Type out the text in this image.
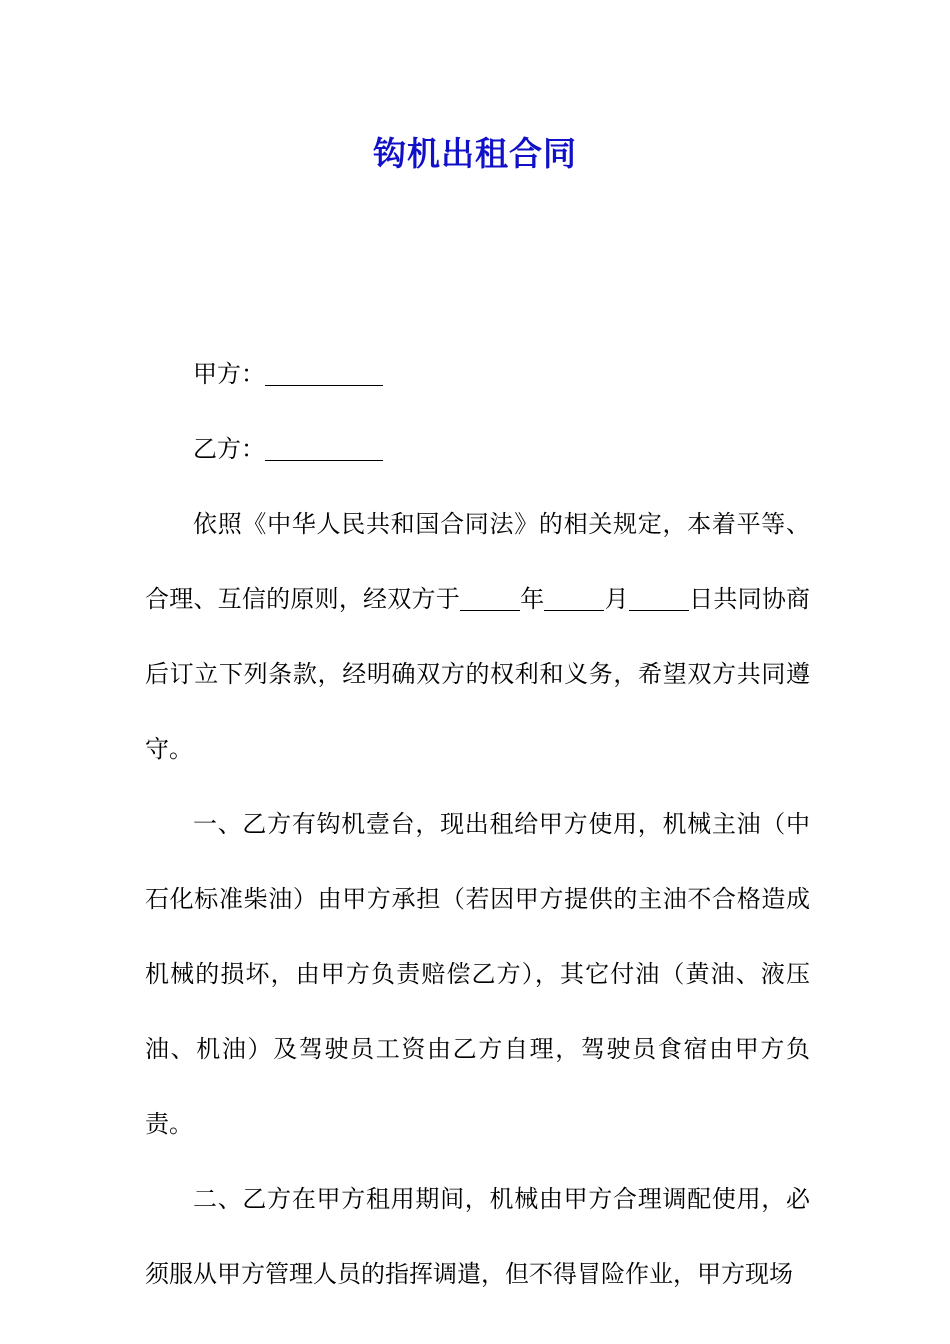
钩机出租合同

甲方：

乙方：

依照《中华人民共和国合同法》的相关规定，本着平等、合理、互信的原则，经双方于	年	月	日共同协商后订立下列条款，经明确双方的权利和义务，希望双方共同遵守。

一、乙方有钩机壹台，现出租给甲方使用，机械主油（中石化标准柴油）由甲方承担（若因甲方提供的主油不合格造成机械的损坏，由甲方负责赔偿乙方），其它付油（黄油、液压油、机油）及驾驶员工资由乙方自理，驾驶员食宿由甲方负责。

二、乙方在甲方租用期间，机械由甲方合理调配使用，必须服从甲方管理人员的指挥调遣，但不得冒险作业，甲方现场
